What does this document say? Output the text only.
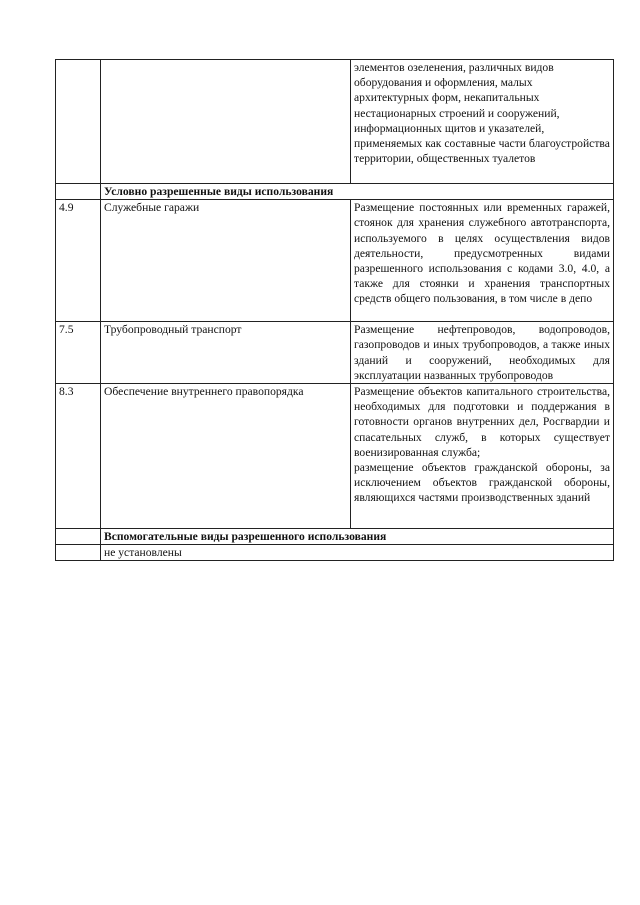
		элементов озеленения, различных видов оборудования и оформления, малых архитектурных форм, некапитальных нестационарных строений и сооружений, информационных щитов и указателей, применяемых как составные части благоустройства территории, общественных туалетов

	Условно разрешенные виды использования	
4.9	Служебные гаражи	Размещение постоянных или временных гаражей, стоянок для хранения служебного автотранспорта, используемого в целях осуществления видов деятельности, предусмотренных видами разрешенного использования с кодами 3.0, 4.0, а также для стоянки и хранения транспортных средств общего пользования, в том числе в депо

7.5	Трубопроводный транспорт	Размещение нефтепроводов, водопроводов, газопроводов и иных трубопроводов, а также иных зданий и сооружений, необходимых для эксплуатации названных трубопроводов

8.3	Обеспечение внутреннего правопорядка	Размещение объектов капитального строительства, необходимых для подготовки и поддержания в готовности органов внутренних дел, Росгвардии и спасательных служб, в которых существует военизированная служба;

размещение объектов гражданской обороны, за исключением объектов гражданской обороны, являющихся частями производственных зданий

	Вспомогательные виды разрешенного использования	
	не установлены	
